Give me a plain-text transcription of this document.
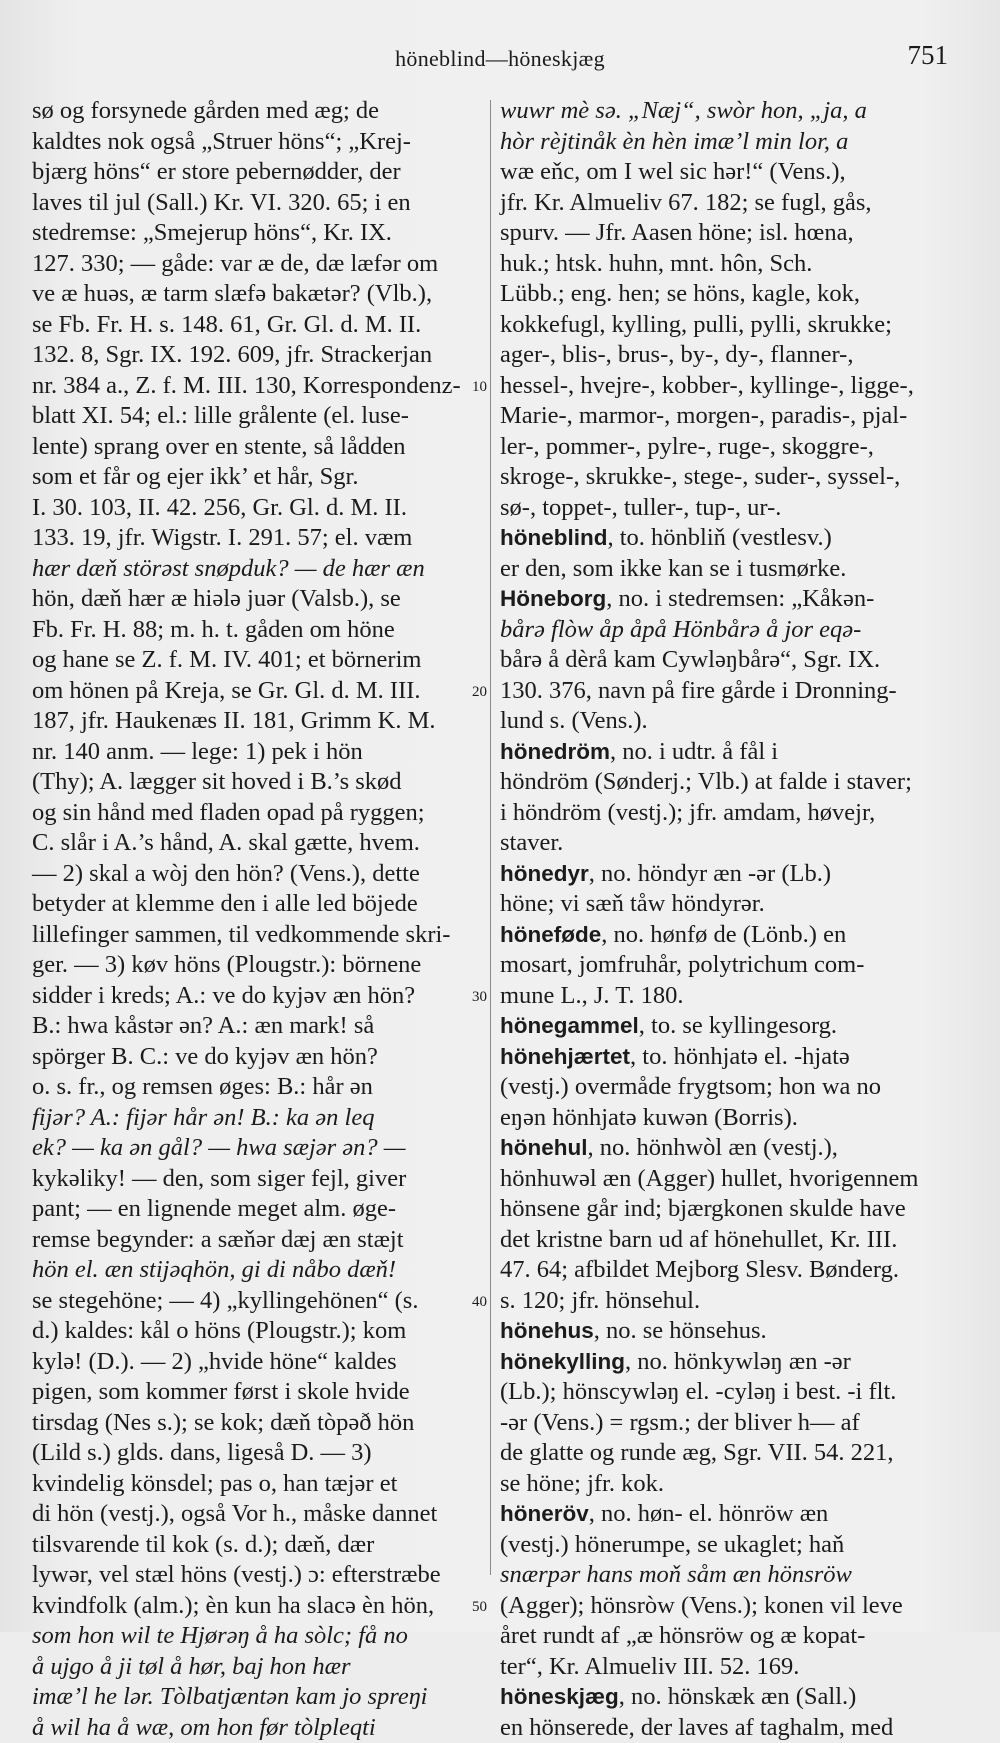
höneblind—höneskjæg	751
sø og forsynede gården med æg; de
kaldtes nok også „Struer höns“; „Krej-
bjærg höns“ er store pebernødder, der
laves til jul (Sall.) Kr. VI. 320. 65; i en
stedremse: „Smejerup höns“, Kr. IX.
127. 330; — gåde: var æ de, dæ læfər om
ve æ huəs, æ tarm slæfə bakætər? (Vlb.),
se Fb. Fr. H. s. 148. 61, Gr. Gl. d. M. II.
132. 8, Sgr. IX. 192. 609, jfr. Strackerjan
nr. 384 a., Z. f. M. III. 130, Korrespondenz-
blatt XI. 54; el.: lille grålente (el. luse-
lente) sprang over en stente, så lådden
som et får og ejer ikk’ et hår, Sgr.
I. 30. 103, II. 42. 256, Gr. Gl. d. M. II.
133. 19, jfr. Wigstr. I. 291. 57; el. væm
hær dæň störəst snøpduk? — de hær æn
hön, dæň hær æ hiələ juər (Valsb.), se
Fb. Fr. H. 88; m. h. t. gåden om höne
og hane se Z. f. M. IV. 401; et börnerim
om hönen på Kreja, se Gr. Gl. d. M. III.
187, jfr. Haukenæs II. 181, Grimm K. M.
nr. 140 anm. — lege: 1) pek i hön
(Thy); A. lægger sit hoved i B.’s skød
og sin hånd med fladen opad på ryggen;
C. slår i A.’s hånd, A. skal gætte, hvem.
— 2) skal a wòj den hön? (Vens.), dette
betyder at klemme den i alle led böjede
lillefinger sammen, til vedkommende skri-
ger. — 3) køv höns (Plougstr.): börnene
sidder i kreds; A.: ve do kyjəv æn hön?
B.: hwa kåstər ən? A.: æn mark! så
spörger B. C.: ve do kyjəv æn hön?
o. s. fr., og remsen øges: B.: hår ən
fijər? A.: fijər hår ən! B.: ka ən leq
ek? — ka ən gål? — hwa sæjər ən? —
kykəliky! — den, som siger fejl, giver
pant; — en lignende meget alm. øge-
remse begynder: a sæňər dæj æn stæjt
hön el. æn stijəqhön, gi di nåbo dæň!
se stegehöne; — 4) „kyllingehönen“ (s.
d.) kaldes: kål o höns (Plougstr.); kom
kylə! (D.). — 2) „hvide höne“ kaldes
pigen, som kommer først i skole hvide
tirsdag (Nes s.); se kok; dæň tòpəð hön
(Lild s.) glds. dans, ligeså D. — 3)
kvindelig könsdel; pas o, han tæjər et
di hön (vestj.), også Vor h., måske dannet
tilsvarende til kok (s. d.); dæň, dær
lywər, vel stæl höns (vestj.) ɔ: efterstræbe
kvindfolk (alm.); èn kun ha slacə èn hön,
som hon wil te Hjørəŋ å ha sòlc; få no
å ujgo å ji tøl å hør, baj hon hær
imæ’l he lər. Tòlbatjæntən kam jo spreŋi
å wil ha å wæ, om hon før tòlpleqti
wuwr mè sə. „Næj“, swòr hon, „ja, a
hòr rèjtinåk èn hèn imæ’l min lor, a
wæ eňc, om I wel sic hər!“ (Vens.),
jfr. Kr. Almueliv 67. 182; se fugl, gås,
spurv. — Jfr. Aasen höne; isl. hœna,
huk.; htsk. huhn, mnt. hôn, Sch.
Lübb.; eng. hen; se höns, kagle, kok,
kokkefugl, kylling, pulli, pylli, skrukke;
ager-, blis-, brus-, by-, dy-, flanner-,
hessel-, hvejre-, kobber-, kyllinge-, ligge-,
Marie-, marmor-, morgen-, paradis-, pjal-
ler-, pommer-, pylre-, ruge-, skoggre-,
skroge-, skrukke-, stege-, suder-, syssel-,
sø-, toppet-, tuller-, tup-, ur-.
höneblind, to. hönbliň (vestlesv.)
er den, som ikke kan se i tusmørke.
Höneborg, no. i stedremsen: „Kåkən-
bårə flòw åp åpå Hönbårə å jor eqə-
bårə å dèrå kam Cywləŋbårə“, Sgr. IX.
130. 376, navn på fire gårde i Dronning-
lund s. (Vens.).
hönedröm, no. i udtr. å fål i
höndröm (Sønderj.; Vlb.) at falde i staver;
i höndröm (vestj.); jfr. amdam, høvejr,
staver.
hönedyr, no. höndyr æn -ər (Lb.)
höne; vi sæň tåw höndyrər.
höneføde, no. hønfø de (Lönb.) en
mosart, jomfruhår, polytrichum com-
mune L., J. T. 180.
hönegammel, to. se kyllingesorg.
hönehjærtet, to. hönhjatə el. -hjatə
(vestj.) overmåde frygtsom; hon wa no
eŋən hönhjatə kuwən (Borris).
hönehul, no. hönhwòl æn (vestj.),
hönhuwəl æn (Agger) hullet, hvorigennem
hönsene går ind; bjærgkonen skulde have
det kristne barn ud af hönehullet, Kr. III.
47. 64; afbildet Mejborg Slesv. Bønderg.
s. 120; jfr. hönsehul.
hönehus, no. se hönsehus.
hönekylling, no. hönkywləŋ æn -ər
(Lb.); hönscywləŋ el. -cyləŋ i best. -i flt.
-ər (Vens.) = rgsm.; der bliver h— af
de glatte og runde æg, Sgr. VII. 54. 221,
se höne; jfr. kok.
höneröv, no. høn- el. hönröw æn
(vestj.) hönerumpe, se ukaglet; haň
snærpər hans moň såm æn hönsröw
(Agger); hönsròw (Vens.); konen vil leve
året rundt af „æ hönsröw og æ kopat-
ter“, Kr. Almueliv III. 52. 169.
höneskjæg, no. hönskæk æn (Sall.)
en hönserede, der laves af taghalm, med
10
20
30
40
50
